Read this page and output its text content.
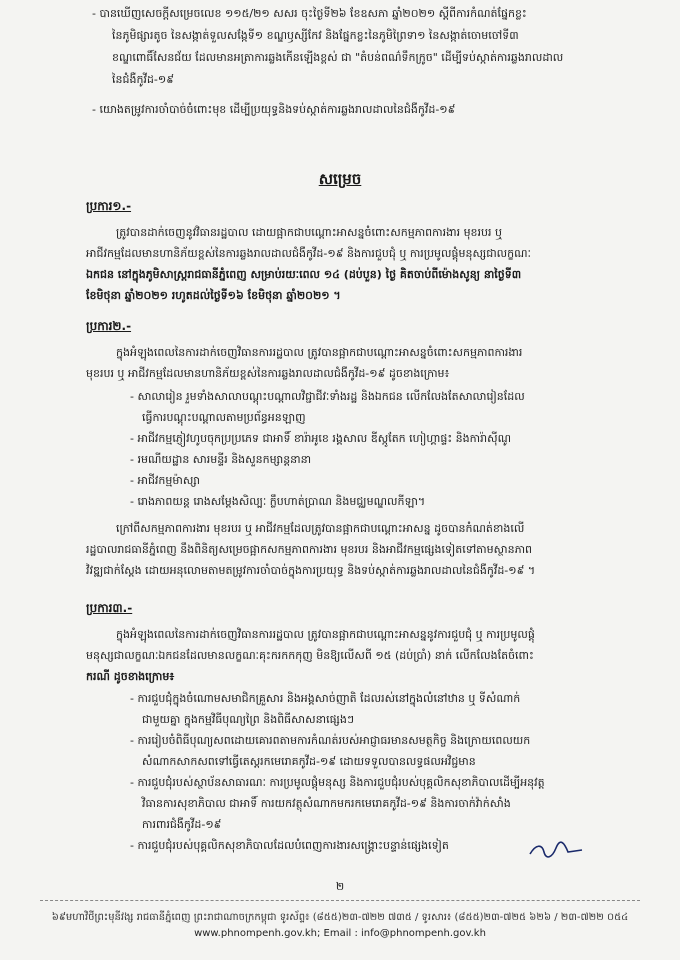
- បានឃើញសេចក្តីសម្រេចលេខ ១១៥/២១ សសរ ចុះថ្ងៃទី២៦ ខែឧសភា ឆ្នាំ២០២១ ស្តីពីការកំណត់ផ្នែកខ្លះ
នៃភូមិផ្សារតូច នៃសង្កាត់ទួលសង្កែទី១ ខណ្ឌឫស្សីកែវ និងផ្នែកខ្លះនៃភូមិព្រៃទា១ នៃសង្កាត់ចោមចៅទី៣
ខណ្ឌពោធិ៍សែនជ័យ ដែលមានអត្រាការឆ្លងកើនឡើងខ្ពស់ ជា "តំបន់ពណ៌ទឹកក្រូច" ដើម្បីទប់ស្កាត់ការឆ្លងរាលដាល
នៃជំងឺកូវីដ-១៩
- យោងតម្រូវការចាំបាច់ចំពោះមុខ ដើម្បីប្រយុទ្ធនិងទប់ស្កាត់ការឆ្លងរាលដាលនៃជំងឺកូវីដ-១៩
សម្រេច
ប្រការ១.-
ត្រូវបានដាក់ចេញនូវវិធានរដ្ឋបាល ដោយផ្អាកជាបណ្តោះអាសន្នចំពោះសកម្មភាពការងារ មុខរបរ ឬ
អាជីវកម្មដែលមានហានិភ័យខ្ពស់នៃការឆ្លងរាលដាលជំងឺកូវីដ-១៩ និងការជួបជុំ ឬ ការប្រមូលផ្តុំមនុស្សជាលក្ខណៈ
ឯកជន នៅក្នុងភូមិសាស្ត្ររាជធានីភ្នំពេញ សម្រាប់រយៈពេល ១៤ (ដប់បួន) ថ្ងៃ គិតចាប់ពីម៉ោងសូន្យ នាថ្ងៃទី៣
ខែមិថុនា ឆ្នាំ២០២១ រហូតដល់ថ្ងៃទី១៦ ខែមិថុនា ឆ្នាំ២០២១ ។
ប្រការ២.-
ក្នុងអំឡុងពេលនៃការដាក់ចេញវិធានការរដ្ឋបាល ត្រូវបានផ្អាកជាបណ្តោះអាសន្នចំពោះសកម្មភាពការងារ
មុខរបរ ឬ អាជីវកម្មដែលមានហានិភ័យខ្ពស់នៃការឆ្លងរាលដាលជំងឺកូវីដ-១៩ ដូចខាងក្រោម៖
- សាលារៀន រួមទាំងសាលាបណ្តុះបណ្តាលវិជ្ជាជីវៈទាំងរដ្ឋ និងឯកជន លើកលែងតែសាលារៀនដែល
ធ្វើការបណ្តុះបណ្តាលតាមប្រព័ន្ធអនឡាញ
- អាជីវកម្មភ្ញៀវហូបចុកប្រប្រភេទ ជាអាទិ៍ ខារ៉ាអូខេ រង្គសាល ឌីស្កូតែក ហៀហ្គាផ្ទះ និងការ៉ាស៊ីណូ
- រមណីយដ្ឋាន សារមន្ទីរ និងសួនកម្សាន្តនានា
- អាជីវកម្មម៉ាស្សា
- រោងភាពយន្ត រោងសម្តែងសិល្បៈ ក្លឹបហាត់ប្រាណ និងមជ្ឈមណ្ឌលកីឡា។
ក្រៅពីសកម្មភាពការងារ មុខរបរ ឬ អាជីវកម្មដែលត្រូវបានផ្អាកជាបណ្តោះអាសន្ន ដូចបានកំណត់ខាងលើ
រដ្ឋបាលរាជធានីភ្នំពេញ នឹងពិនិត្យសម្រេចផ្អាកសកម្មភាពការងារ មុខរបរ និងអាជីវកម្មផ្សេងទៀតទៅតាមស្ថានភាព
វិវឌ្ឍជាក់ស្តែង ដោយអនុលោមតាមតម្រូវការចាំបាច់ក្នុងការប្រយុទ្ធ និងទប់ស្កាត់ការឆ្លងរាលដាលនៃជំងឺកូវីដ-១៩ ។
ប្រការ៣.-
ក្នុងអំឡុងពេលនៃការដាក់ចេញវិធានការរដ្ឋបាល ត្រូវបានផ្អាកជាបណ្តោះអាសន្ននូវការជួបជុំ ឬ ការប្រមូលផ្តុំ
មនុស្សជាលក្ខណៈឯកជនដែលមានលក្ខណៈគុះករកកកុញ មិនឱ្យលើសពី ១៥ (ដប់ប្រាំ) នាក់ លើកលែងតែចំពោះ
ករណី ដូចខាងក្រោម៖
- ការជួបជុំក្នុងចំណោមសមាជិកគ្រួសារ និងអង្គសាច់ញាតិ ដែលរស់នៅក្នុងលំនៅឋាន ឬ ទីសំណាក់
ជាមួយគ្នា ក្នុងកម្មវិធីបុណ្យព្រៃ និងពិធីសាសនាផ្សេងៗ
- ការរៀបចំពិធីបុណ្យសពដោយគោរពតាមការកំណត់របស់អាជ្ញាធរមានសមត្ថកិច្ច និងក្រោយពេលយក
សំណាកសាកសពទៅធ្វើតេស្តរកមេរោគកូវីដ-១៩ ដោយទទួលបានលទ្ធផលអវិជ្ជមាន
- ការជួបជុំរបស់ស្ថាប័នសាធារណៈ ការប្រមូលផ្តុំមនុស្ស និងការជួបជុំរបស់បុគ្គលិកសុខាភិបាលដើម្បីអនុវត្ត
វិធានការសុខាភិបាល ជាអាទិ៍ ការយកវត្ថុសំណាកមករកមេរោគកូវីដ-១៩ និងការចាក់វ៉ាក់សាំង
ការពារជំងឺកូវីដ-១៩
- ការជួបជុំរបស់បុគ្គលិកសុខាភិបាលដែលបំពេញការងារសង្គ្រោះបន្ទាន់ផ្សេងទៀត
២
៦៩មហាវិថីព្រះមុនីវង្ស រាជធានីភ្នំពេញ ព្រះរាជាណាចក្រកម្ពុជា ទូរស័ព្ទ៖ (៨៥៥)២៣-៧២២ ៧៣៥ / ទូរសារ៖ (៨៥៥)២៣-៧២៥ ៦២៦ / ២៣-៧២២ ០៥៤
www.phnompenh.gov.kh; Email : info@phnompenh.gov.kh
